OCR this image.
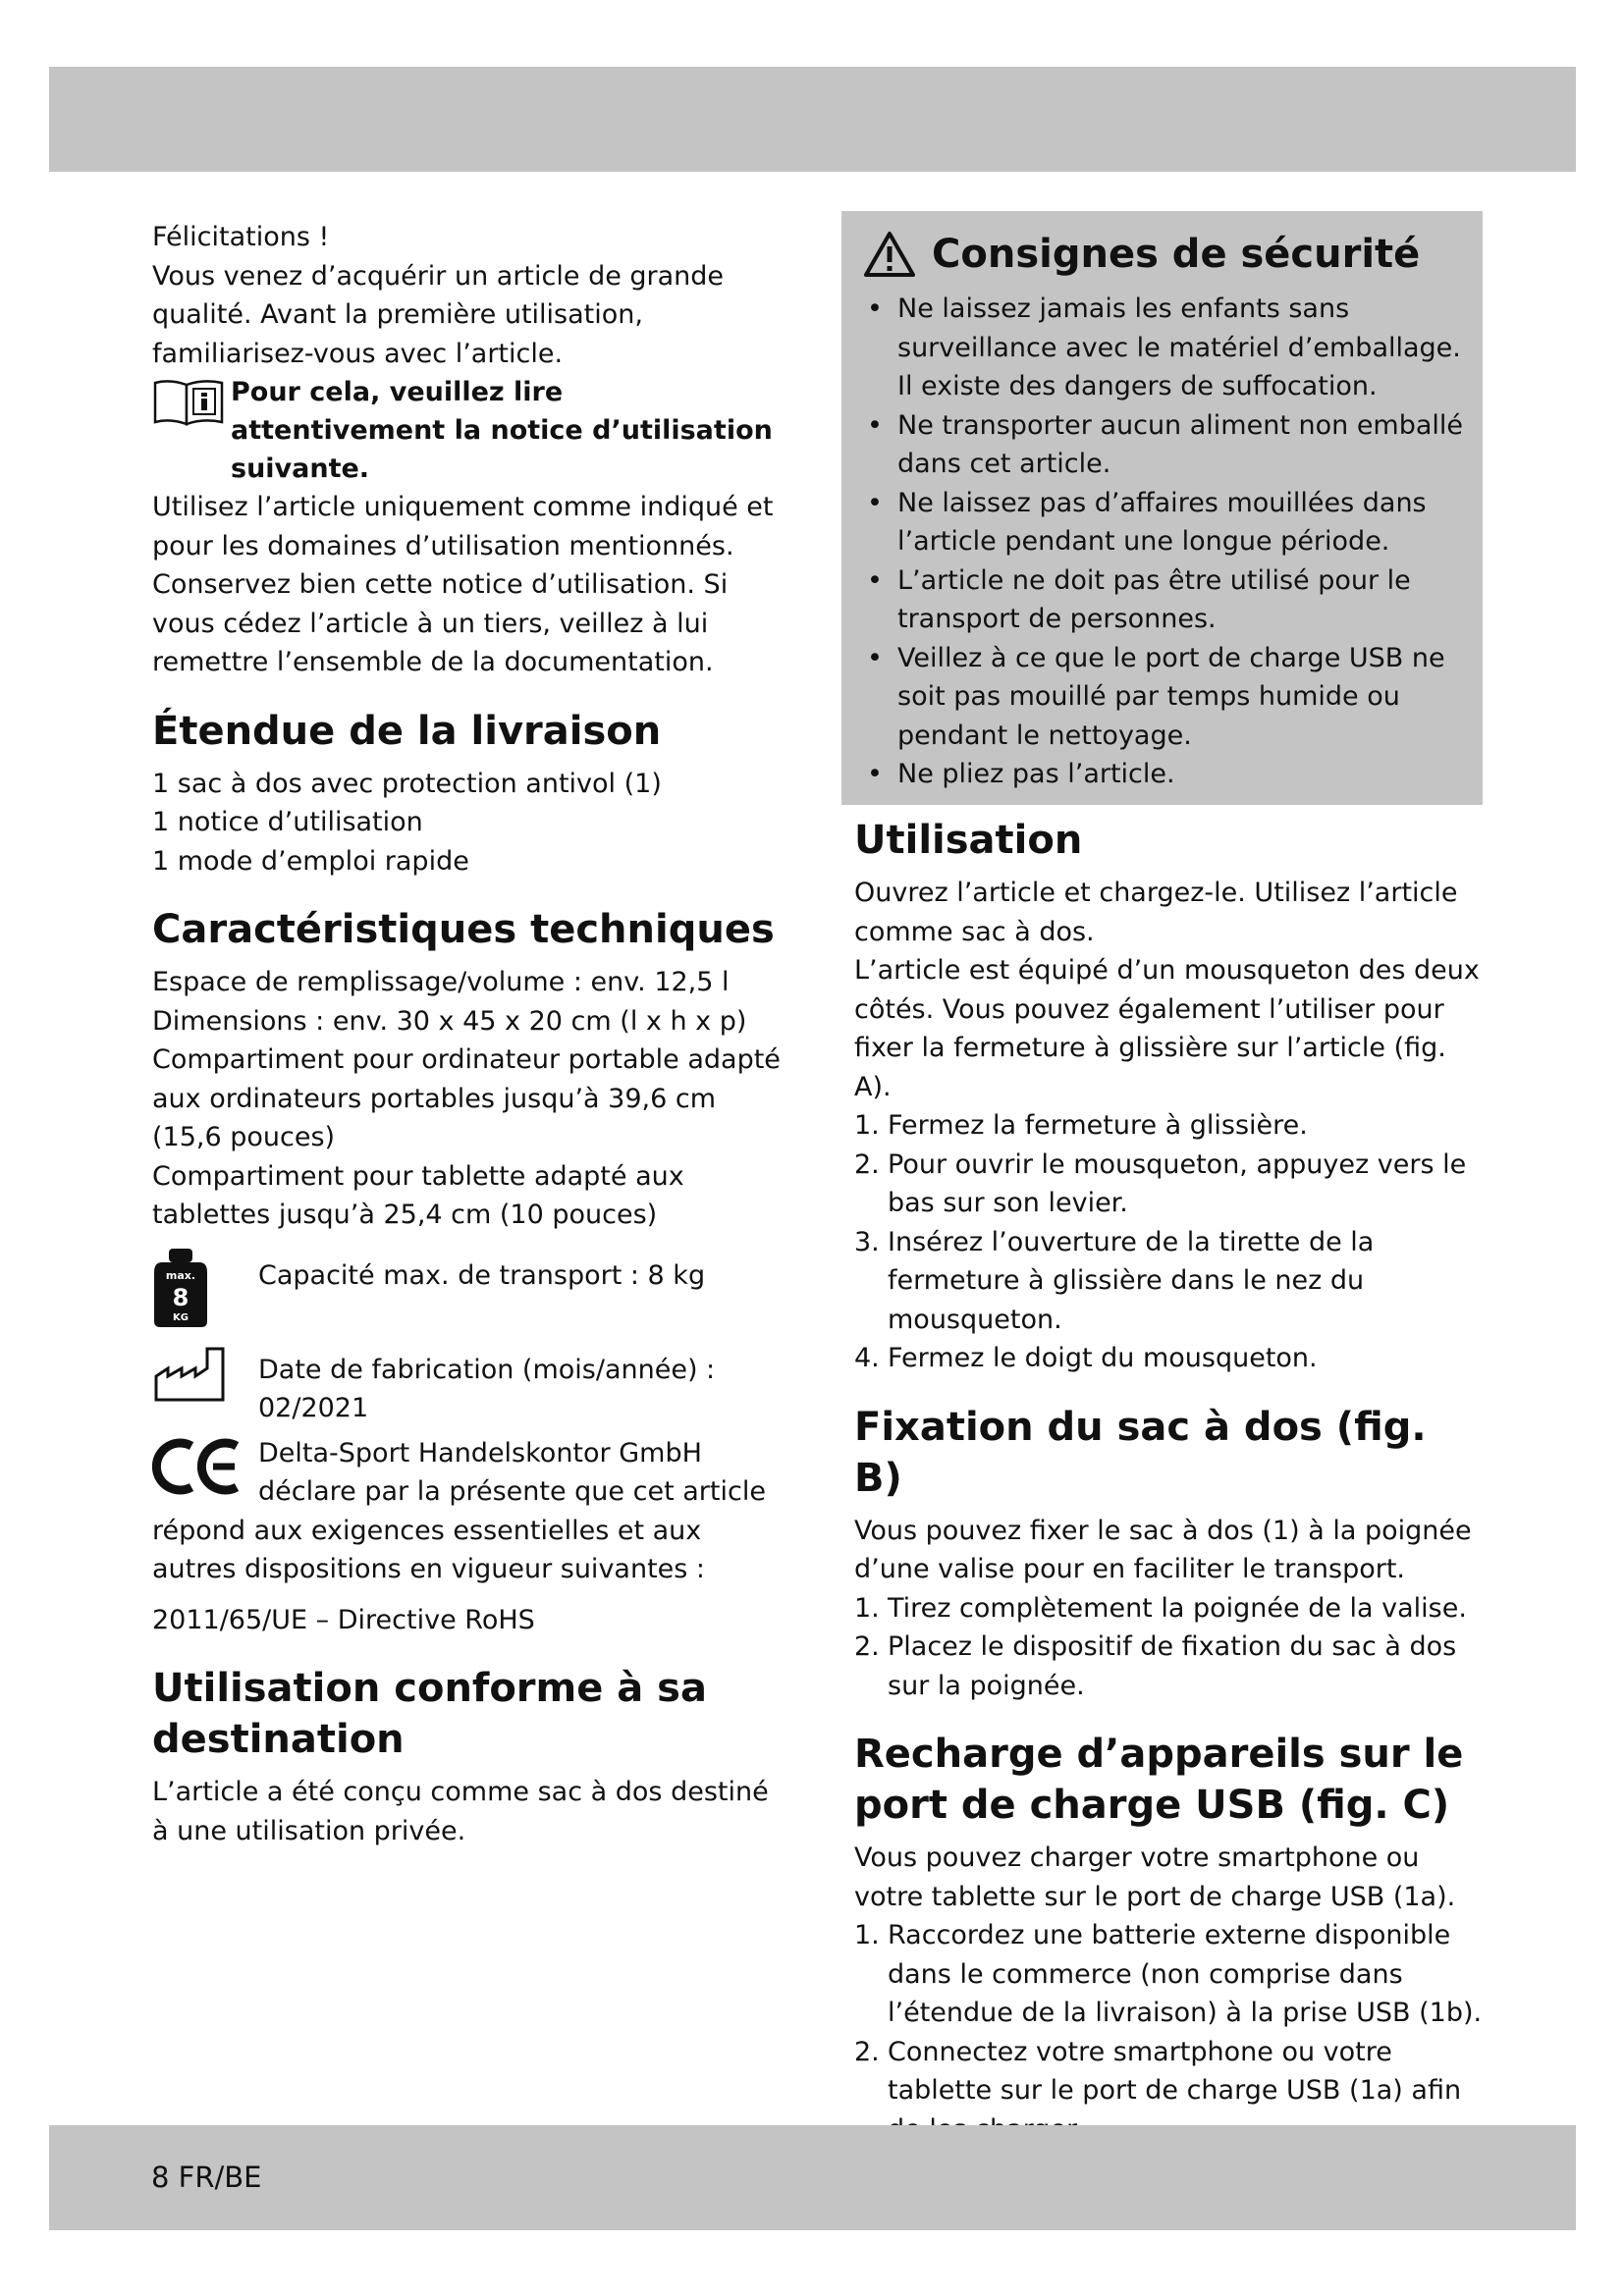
Félicitations !

Vous venez d’acquérir un article de grande qualité. Avant la première utilisation, familiarisez-vous avec l’article.

Pour cela, veuillez lire attentivement la notice d’utilisation suivante.

Utilisez l’article uniquement comme indiqué et pour les domaines d’utilisation mentionnés. Conservez bien cette notice d’utilisation. Si vous cédez l’article à un tiers, veillez à lui remettre l’ensemble de la documentation.

Étendue de la livraison

1 sac à dos avec protection antivol (1)

1 notice d’utilisation

1 mode d’emploi rapide

Caractéristiques techniques

Espace de remplissage/volume : env. 12,5 l

Dimensions : env. 30 x 45 x 20 cm (l x h x p)

Compartiment pour ordinateur portable adapté aux ordinateurs portables jusqu’à 39,6 cm (15,6 pouces)

Compartiment pour tablette adapté aux tablettes jusqu’à 25,4 cm (10 pouces)

max.
8
KG
Capacité max. de transport : 8 kg
Date de fabrication (mois/année) :
02/2021
Delta-Sport Handelskontor GmbH
déclare par la présente que cet article répond aux exigences essentielles et aux autres dispositions en vigueur suivantes :

2011/65/UE – Directive RoHS

Utilisation conforme à sa destination

L’article a été conçu comme sac à dos destiné à une utilisation privée.

Consignes de sécurité
• Ne laissez jamais les enfants sans surveillance avec le matériel d’emballage. Il existe des dangers de suffocation.
• Ne transporter aucun aliment non emballé dans cet article.
• Ne laissez pas d’affaires mouillées dans l’article pendant une longue période.
• L’article ne doit pas être utilisé pour le transport de personnes.
• Veillez à ce que le port de charge USB ne soit pas mouillé par temps humide ou pendant le nettoyage.
• Ne pliez pas l’article.
Utilisation

Ouvrez l’article et chargez-le. Utilisez l’article comme sac à dos.

L’article est équipé d’un mousqueton des deux côtés. Vous pouvez également l’utiliser pour fixer la fermeture à glissière sur l’article (fig. A).

1. Fermez la fermeture à glissière.
2. Pour ouvrir le mousqueton, appuyez vers le bas sur son levier.
3. Insérez l’ouverture de la tirette de la fermeture à glissière dans le nez du mousqueton.
4. Fermez le doigt du mousqueton.
Fixation du sac à dos (fig. B)

Vous pouvez fixer le sac à dos (1) à la poignée d’une valise pour en faciliter le transport.

1. Tirez complètement la poignée de la valise.
2. Placez le dispositif de fixation du sac à dos sur la poignée.
Recharge d’appareils sur le port de charge USB (fig. C)

Vous pouvez charger votre smartphone ou votre tablette sur le port de charge USB (1a).

1. Raccordez une batterie externe disponible dans le commerce (non comprise dans l’étendue de la livraison) à la prise USB (1b).
2. Connectez votre smartphone ou votre tablette sur le port de charge USB (1a) afin
8 FR/BE
